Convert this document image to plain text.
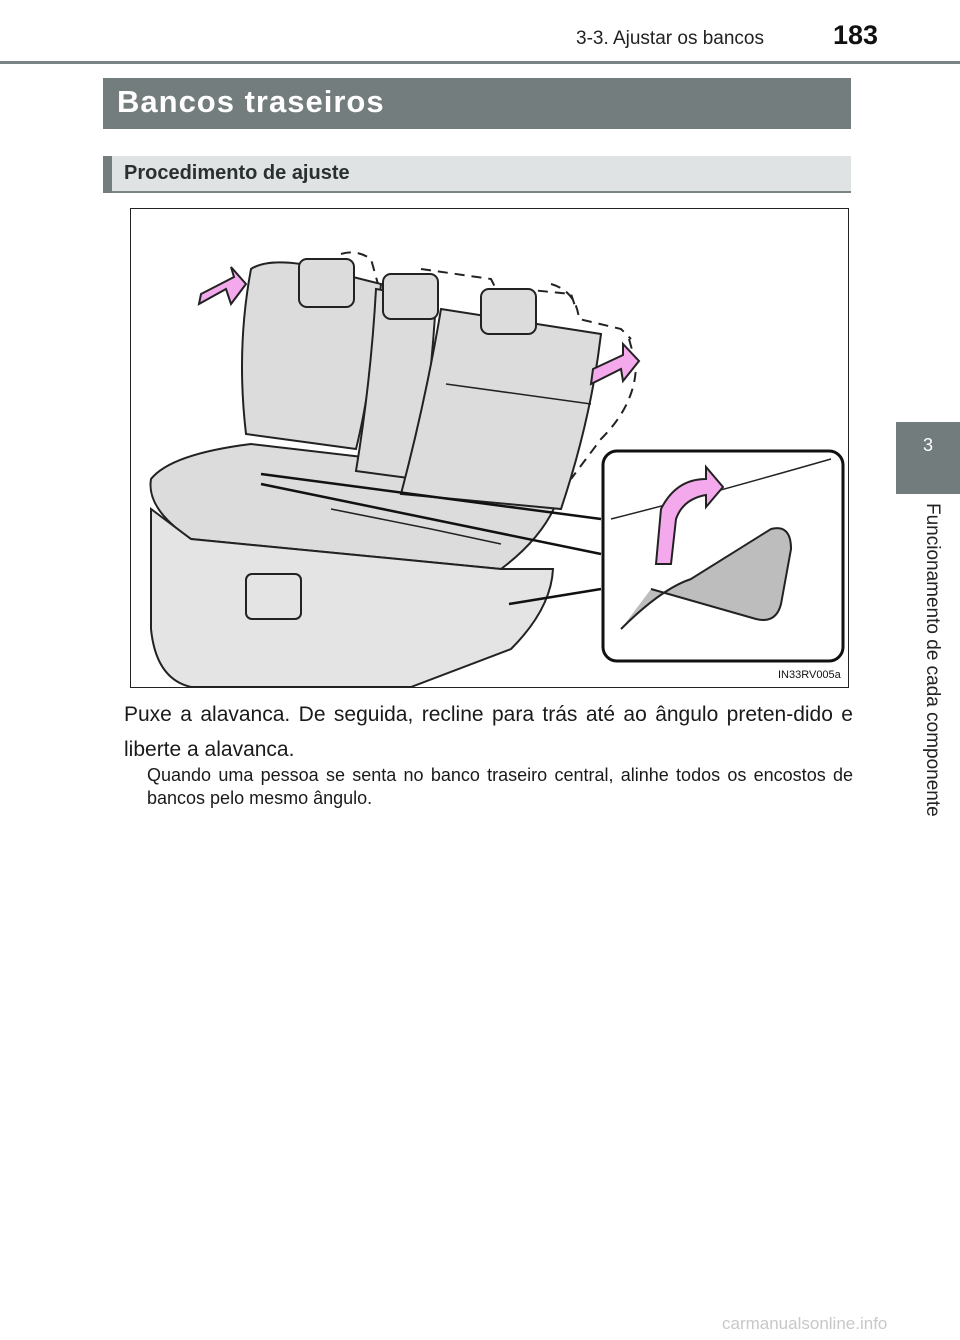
3-3. Ajustar os bancos	183
3
Funcionamento de cada componente
Bancos traseiros
Procedimento de ajuste
IN33RV005a
Puxe a alavanca. De seguida, recline para trás até ao ângulo preten-dido e liberte a alavanca.
Quando uma pessoa se senta no banco traseiro central, alinhe todos os encostos de bancos pelo mesmo ângulo.
carmanualsonline.info
